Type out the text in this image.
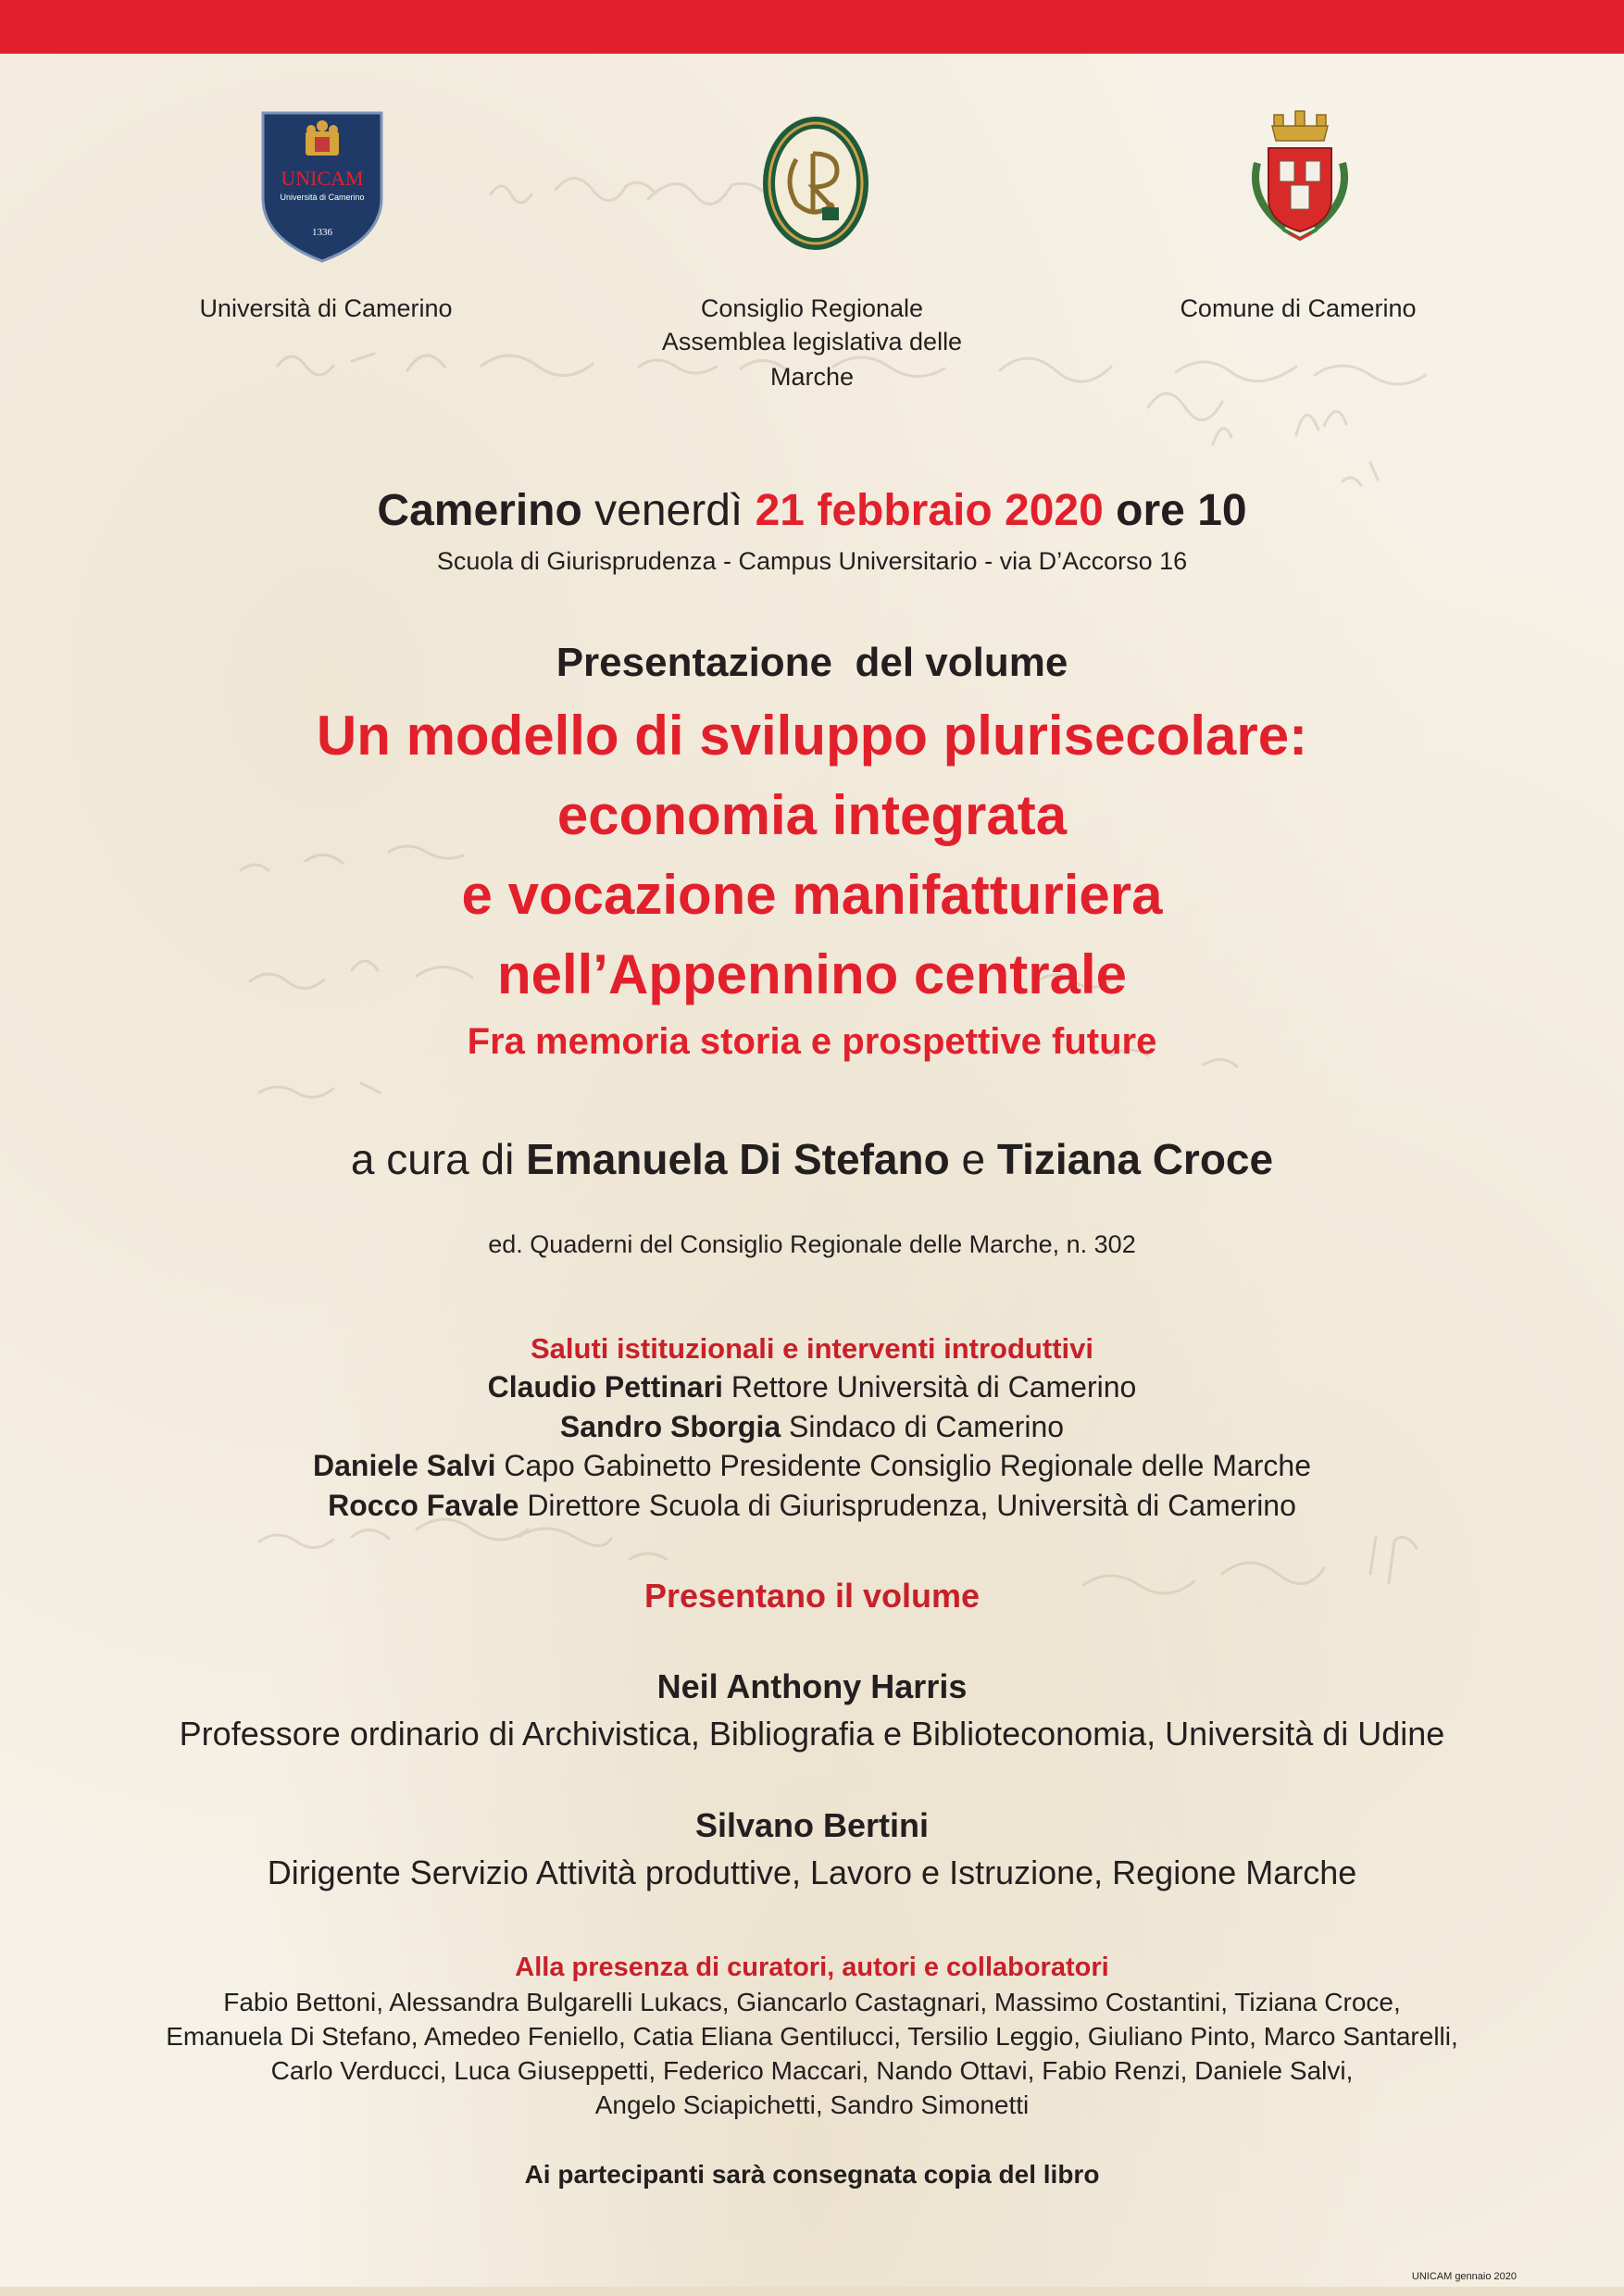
UNICAM
Università di Camerino
1336
Università di Camerino	Consiglio Regionale
Assemblea legislativa delle Marche
Comune di Camerino
Camerino venerdì 21 febbraio 2020 ore 10
Scuola di Giurisprudenza - Campus Universitario - via D’Accorso 16
Presentazione  del volume
Un modello di sviluppo plurisecolare:
economia integrata
e vocazione manifatturiera
nell’Appennino centrale
Fra memoria storia e prospettive future
a cura di Emanuela Di Stefano e Tiziana Croce
ed. Quaderni del Consiglio Regionale delle Marche, n. 302
Saluti istituzionali e interventi introduttivi
Claudio Pettinari Rettore Università di Camerino
Sandro Sborgia Sindaco di Camerino
Daniele Salvi Capo Gabinetto Presidente Consiglio Regionale delle Marche
Rocco Favale Direttore Scuola di Giurisprudenza, Università di Camerino
Presentano il volume
Neil Anthony Harris
Professore ordinario di Archivistica, Bibliografia e Biblioteconomia, Università di Udine
Silvano Bertini
Dirigente Servizio Attività produttive, Lavoro e Istruzione, Regione Marche
Alla presenza di curatori, autori e collaboratori
Fabio Bettoni, Alessandra Bulgarelli Lukacs, Giancarlo Castagnari, Massimo Costantini, Tiziana Croce,
Emanuela Di Stefano, Amedeo Feniello, Catia Eliana Gentilucci, Tersilio Leggio, Giuliano Pinto, Marco Santarelli,
Carlo Verducci, Luca Giuseppetti, Federico Maccari, Nando Ottavi, Fabio Renzi, Daniele Salvi,
Angelo Sciapichetti, Sandro Simonetti
Ai partecipanti sarà consegnata copia del libro
UNICAM gennaio 2020
